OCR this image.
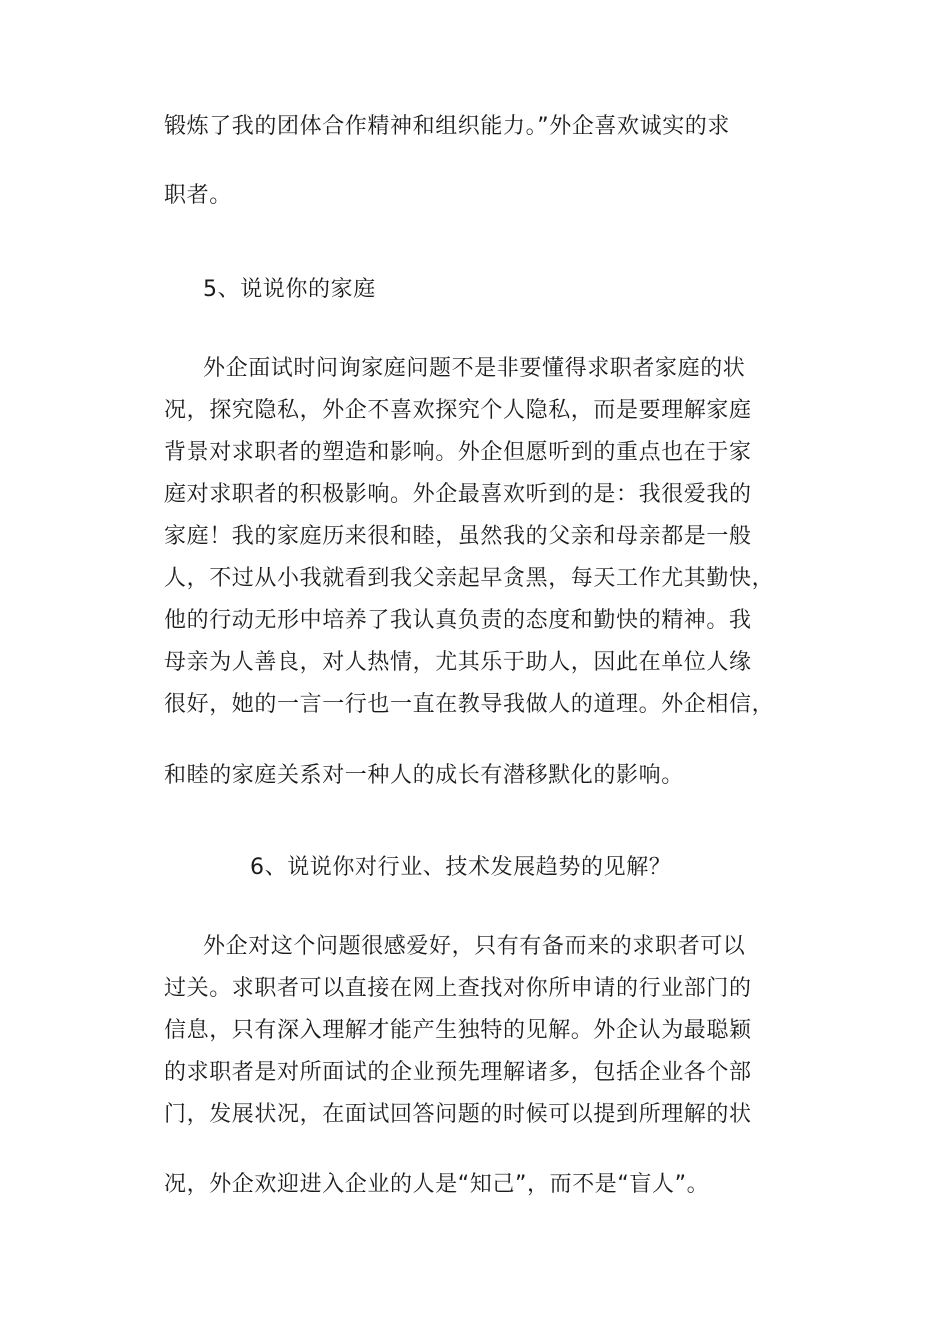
锻炼了我的团体合作精神和组织能力。”外企喜欢诚实的求
职者。
5、说说你的家庭
外企面试时问询家庭问题不是非要懂得求职者家庭的状
况，探究隐私，外企不喜欢探究个人隐私，而是要理解家庭
背景对求职者的塑造和影响。外企但愿听到的重点也在于家
庭对求职者的积极影响。外企最喜欢听到的是：我很爱我的
家庭！我的家庭历来很和睦，虽然我的父亲和母亲都是一般
人，不过从小我就看到我父亲起早贪黑，每天工作尤其勤快，
他的行动无形中培养了我认真负责的态度和勤快的精神。我
母亲为人善良，对人热情，尤其乐于助人，因此在单位人缘
很好，她的一言一行也一直在教导我做人的道理。外企相信，
和睦的家庭关系对一种人的成长有潜移默化的影响。
6、说说你对行业、技术发展趋势的见解？
外企对这个问题很感爱好，只有有备而来的求职者可以
过关。求职者可以直接在网上查找对你所申请的行业部门的
信息，只有深入理解才能产生独特的见解。外企认为最聪颖
的求职者是对所面试的企业预先理解诸多，包括企业各个部
门，发展状况，在面试回答问题的时候可以提到所理解的状
况，外企欢迎进入企业的人是“知己”，而不是“盲人”。
